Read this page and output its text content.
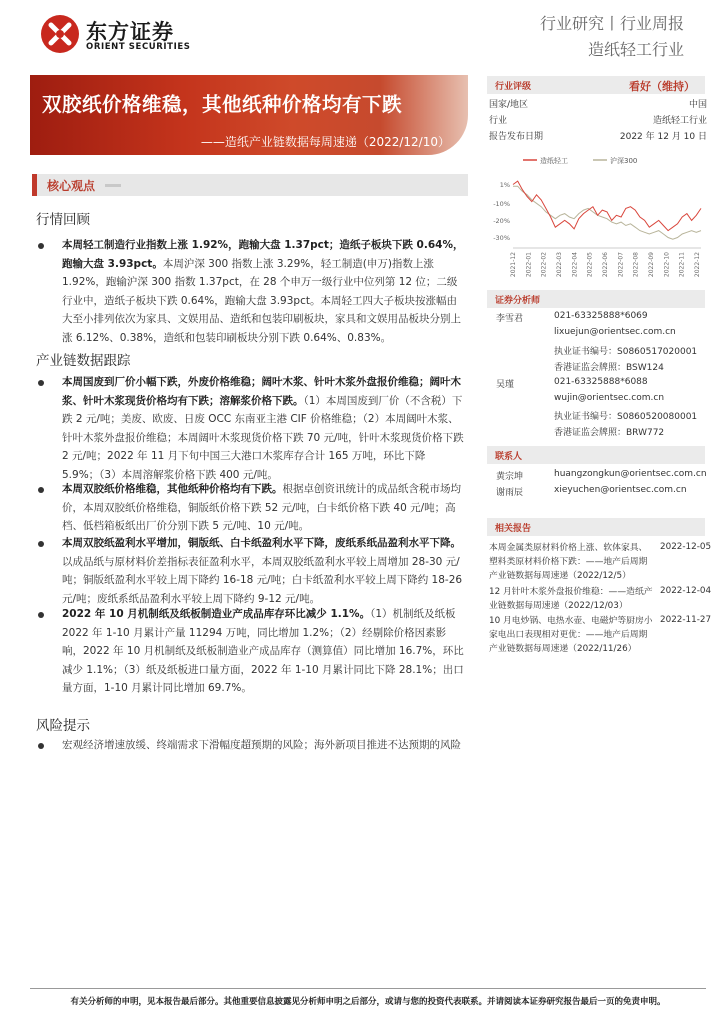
东方证券
ORIENT SECURITIES
行业研究丨行业周报
造纸轻工行业
双胶纸价格维稳，其他纸种价格均有下跌
——造纸产业链数据每周速递（2022/12/10）
核心观点
行情回顾
本周轻工制造行业指数上涨 1.92%，跑输大盘 1.37pct；造纸子板块下跌 0.64%，跑输大盘 3.93pct。本周沪深 300 指数上涨 3.29%，轻工制造(申万)指数上涨 1.92%，跑输沪深 300 指数 1.37pct，在 28 个申万一级行业中位列第 12 位；二级行业中，造纸子板块下跌 0.64%，跑输大盘 3.93pct。本周轻工四大子板块按涨幅由大至小排列依次为家具、文娱用品、造纸和包装印刷板块，家具和文娱用品板块分别上涨 6.12%、0.38%，造纸和包装印刷板块分别下跌 0.64%、0.83%。
产业链数据跟踪
本周国废到厂价小幅下跌，外废价格维稳；阔叶木浆、针叶木浆外盘报价维稳；阔叶木浆、针叶木浆现货价格均有下跌；溶解浆价格下跌。（1）本周国废到厂价（不含税）下跌 2 元/吨；美废、欧废、日废 OCC 东南亚主港 CIF 价格维稳；（2）本周阔叶木浆、针叶木浆外盘报价维稳；本周阔叶木浆现货价格下跌 70 元/吨，针叶木浆现货价格下跌 2 元/吨；2022 年 11 月下旬中国三大港口木浆库存合计 165 万吨，环比下降 5.9%；（3）本周溶解浆价格下跌 400 元/吨。
本周双胶纸价格维稳，其他纸种价格均有下跌。根据卓创资讯统计的成品纸含税市场均价，本周双胶纸价格维稳，铜版纸价格下跌 52 元/吨，白卡纸价格下跌 40 元/吨；高档、低档箱板纸出厂价分别下跌 5 元/吨、10 元/吨。
本周双胶纸盈利水平增加，铜版纸、白卡纸盈利水平下降，废纸系纸品盈利水平下降。以成品纸与原材料价差指标表征盈利水平，本周双胶纸盈利水平较上周增加 28-30 元/吨；铜版纸盈利水平较上周下降约 16-18 元/吨；白卡纸盈利水平较上周下降约 18-26 元/吨；废纸系纸品盈利水平较上周下降约 9-12 元/吨。
2022 年 10 月机制纸及纸板制造业产成品库存环比减少 1.1%。（1）机制纸及纸板 2022 年 1-10 月累计产量 11294 万吨，同比增加 1.2%；（2）经剔除价格因素影响，2022 年 10 月机制纸及纸板制造业产成品库存（测算值）同比增加 16.7%，环比减少 1.1%；（3）纸及纸板进口量方面，2022 年 1-10 月累计同比下降 28.1%；出口量方面，1-10 月累计同比增加 69.7%。
风险提示
宏观经济增速放缓、终端需求下滑幅度超预期的风险；海外新项目推进不达预期的风险
行业评级	看好（维持）
国家/地区	中国
行业	造纸轻工行业
报告发布日期	2022 年 12 月 10 日
造纸轻工	沪深300
1%
-10%
-20%
-30%
2021-12 2022-01 2022-02 2022-03 2022-04 2022-05 2022-06 2022-07 2022-08 2022-09 2022-10 2022-11 2022-12
证券分析师
李雪君	021-63325888*6069
lixuejun@orientsec.com.cn
执业证书编号：S0860517020001
香港证监会牌照：BSW124
吴瑾	021-63325888*6088
wujin@orientsec.com.cn
执业证书编号：S0860520080001
香港证监会牌照：BRW772
联系人
黄宗坤	huangzongkun@orientsec.com.cn
谢雨辰	xieyuchen@orientsec.com.cn
相关报告
本周金属类原材料价格上涨、软体家具、塑料类原材料价格下跌：——地产后周期产业链数据每周速递（2022/12/5）
2022-12-05
12 月针叶木浆外盘报价维稳：——造纸产业链数据每周速递（2022/12/03）
2022-12-04
10 月电炒锅、电热水壶、电磁炉等厨房小家电出口表现相对更优：——地产后周期产业链数据每周速递（2022/11/26）
2022-11-27
有关分析师的申明，见本报告最后部分。其他重要信息披露见分析师申明之后部分，或请与您的投资代表联系。并请阅读本证券研究报告最后一页的免责申明。
